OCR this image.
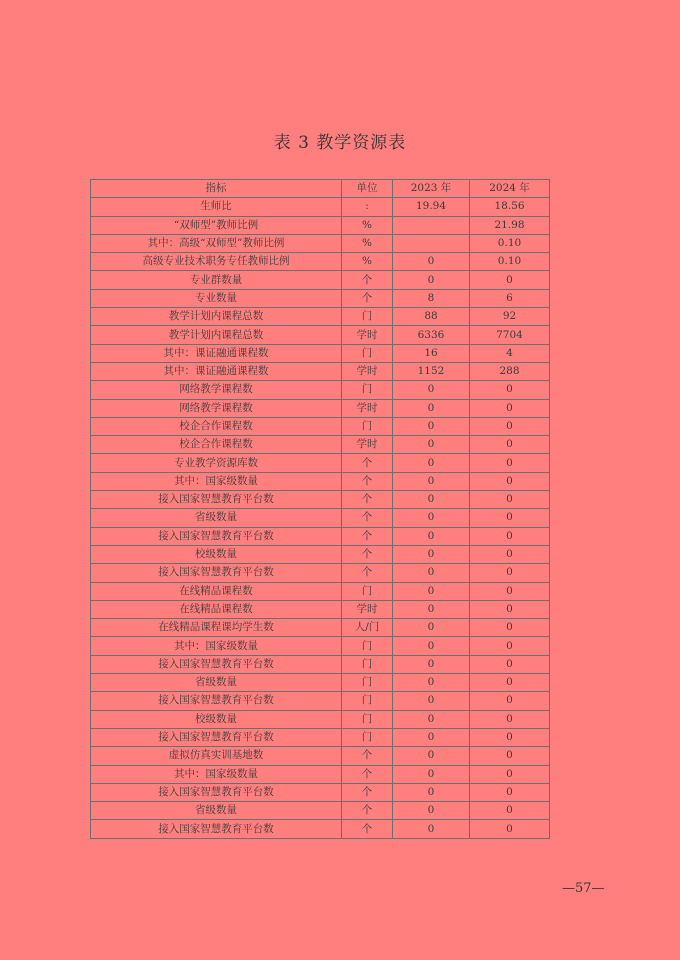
表 3 教学资源表
指标	单位	2023 年	2024 年
生师比	:	19.94	18.56
“双师型”教师比例	%		21.98
其中：高级“双师型”教师比例	%		0.10
高级专业技术职务专任教师比例	%	0	0.10
专业群数量	个	0	0
专业数量	个	8	6
教学计划内课程总数	门	88	92
教学计划内课程总数	学时	6336	7704
其中：课证融通课程数	门	16	4
其中：课证融通课程数	学时	1152	288
网络教学课程数	门	0	0
网络教学课程数	学时	0	0
校企合作课程数	门	0	0
校企合作课程数	学时	0	0
专业教学资源库数	个	0	0
其中：国家级数量	个	0	0
接入国家智慧教育平台数	个	0	0
省级数量	个	0	0
接入国家智慧教育平台数	个	0	0
校级数量	个	0	0
接入国家智慧教育平台数	个	0	0
在线精品课程数	门	0	0
在线精品课程数	学时	0	0
在线精品课程课均学生数	人/门	0	0
其中：国家级数量	门	0	0
接入国家智慧教育平台数	门	0	0
省级数量	门	0	0
接入国家智慧教育平台数	门	0	0
校级数量	门	0	0
接入国家智慧教育平台数	门	0	0
虚拟仿真实训基地数	个	0	0
其中：国家级数量	个	0	0
接入国家智慧教育平台数	个	0	0
省级数量	个	0	0
接入国家智慧教育平台数	个	0	0
—57—
